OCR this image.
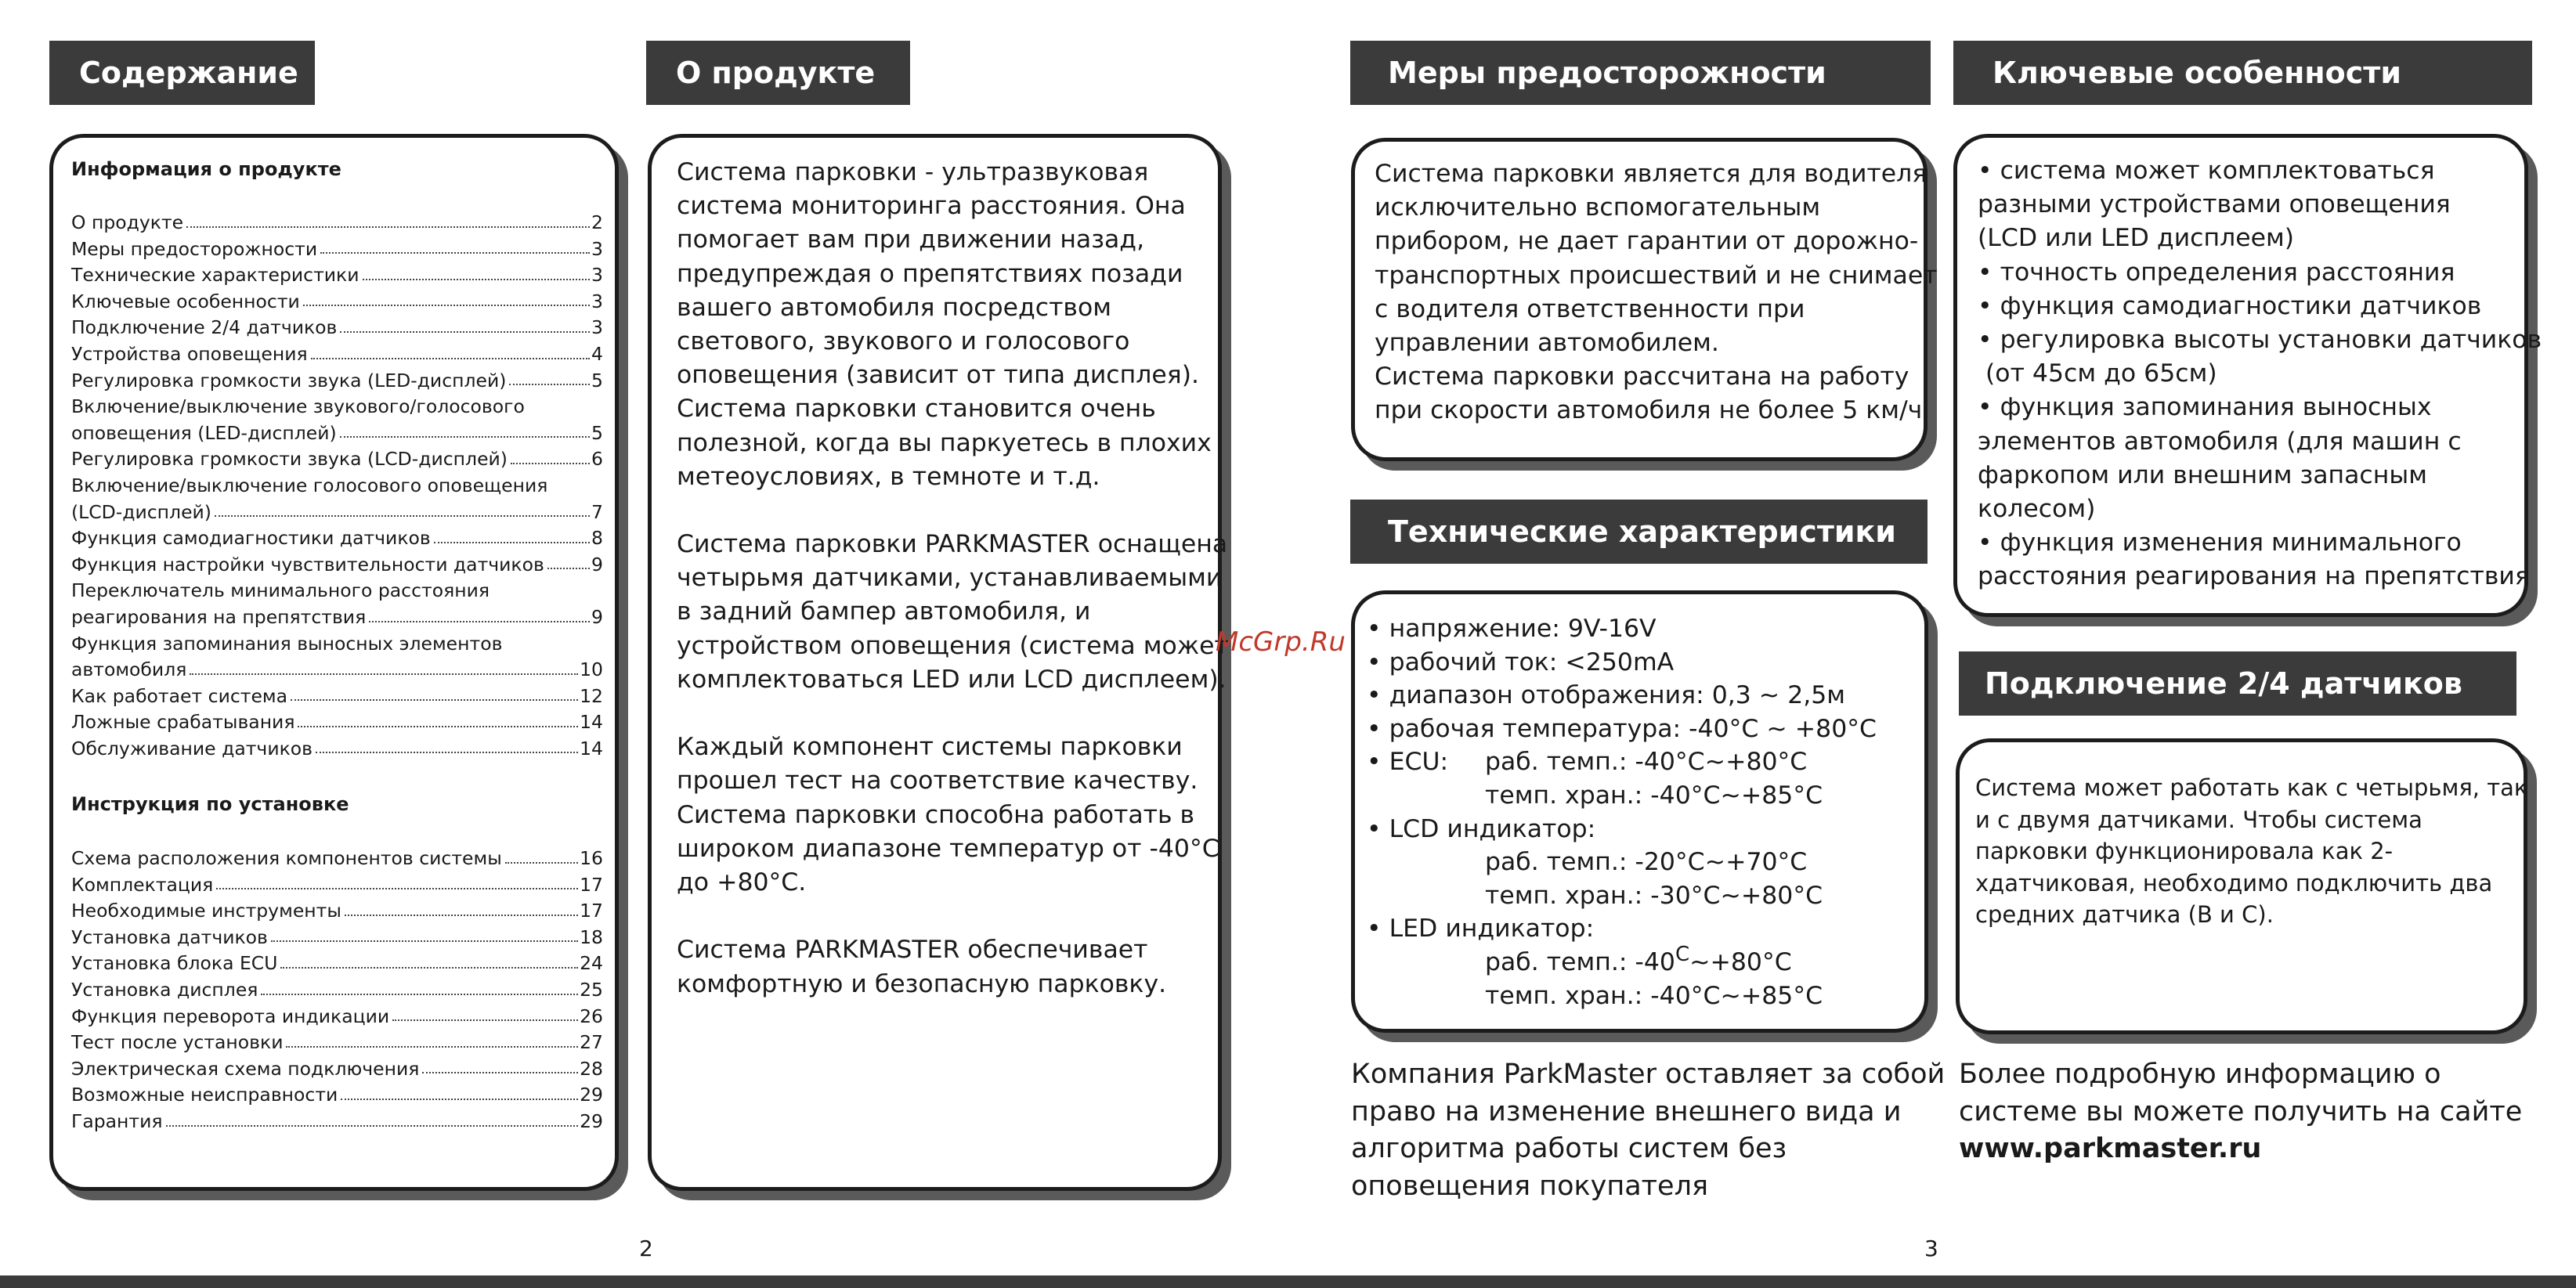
Содержание
Информация о продукте
О продукте	2
Меры предосторожности	3
Технические характеристики	3
Ключевые особенности	3
Подключение 2/4 датчиков	3
Устройства оповещения	4
Регулировка громкости звука (LED-дисплей)	5
Включение/выключение звукового/голосового
оповещения (LED-дисплей)	5
Регулировка громкости звука (LCD-дисплей)	6
Включение/выключение голосового оповещения
(LCD-дисплей)	7
Функция самодиагностики датчиков	8
Функция настройки чувствительности датчиков	9
Переключатель минимального расстояния
реагирования на препятствия	9
Функция запоминания выносных элементов
автомобиля	10
Как работает система	12
Ложные срабатывания	14
Обслуживание датчиков	14
Инструкция по установке
Схема расположения компонентов системы	16
Комплектация	17
Необходимые инструменты	17
Установка датчиков	18
Установка блока ECU	24
Установка дисплея	25
Функция переворота индикации	26
Тест после установки	27
Электрическая схема подключения	28
Возможные неисправности	29
Гарантия	29
О продукте
Система парковки - ультразвуковая
система мониторинга расстояния. Она
помогает вам при движении назад,
предупреждая о препятствиях позади
вашего автомобиля посредством
светового, звукового и голосового
оповещения (зависит от типа дисплея).
Система парковки становится очень
полезной, когда вы паркуетесь в плохих
метеоусловиях, в темноте и т.д.
Система парковки PARKMASTER оснащена
четырьмя датчиками, устанавливаемыми
в задний бампер автомобиля, и
устройством оповещения (система может
комплектоваться LED или LCD дисплеем).
Каждый компонент системы парковки
прошел тест на соответствие качеству.
Система парковки способна работать в
широком диапазоне температур от -40°C
до +80°C.
Система PARKMASTER обеспечивает
комфортную и безопасную парковку.
2
Меры предосторожности
Система парковки является для водителя
исключительно вспомогательным
прибором, не дает гарантии от дорожно-
транспортных происшествий и не снимает
с водителя ответственности при
управлении автомобилем.
Система парковки рассчитана на работу
при скорости автомобиля не более 5 км/ч.
Технические характеристики
• напряжение: 9V-16V
• рабочий ток: <250mA
• диапазон отображения: 0,3 ~ 2,5м
• рабочая температура: -40°C ~ +80°C
• ECU: раб. темп.: -40°C~+80°C
темп. хран.: -40°C~+85°C
• LCD индикатор:
раб. темп.: -20°C~+70°C
темп. хран.: -30°C~+80°C
• LED индикатор:
раб. темп.: $-40^C\sim+80^\circ C$
темп. хран.: -40°C~+85°C
Компания ParkMaster оставляет за собой
право на изменение внешнего вида и
алгоритма работы систем без
оповещения покупателя
Ключевые особенности
• система может комплектоваться
разными устройствами оповещения
(LCD или LED дисплеем)
• точность определения расстояния
• функция самодиагностики датчиков
• регулировка высоты установки датчиков
(от 45см до 65см)
• функция запоминания выносных
элементов автомобиля (для машин с
фаркопом или внешним запасным
колесом)
• функция изменения минимального
расстояния реагирования на препятствия
Подключение 2/4 датчиков
Система может работать как с четырьмя, так
и с двумя датчиками. Чтобы система
парковки функционировала как 2-
хдатчиковая, необходимо подключить два
средних датчика (B и C).
Более подробную информацию о
системе вы можете получить на сайте
www.parkmaster.ru
3
McGrp.Ru
